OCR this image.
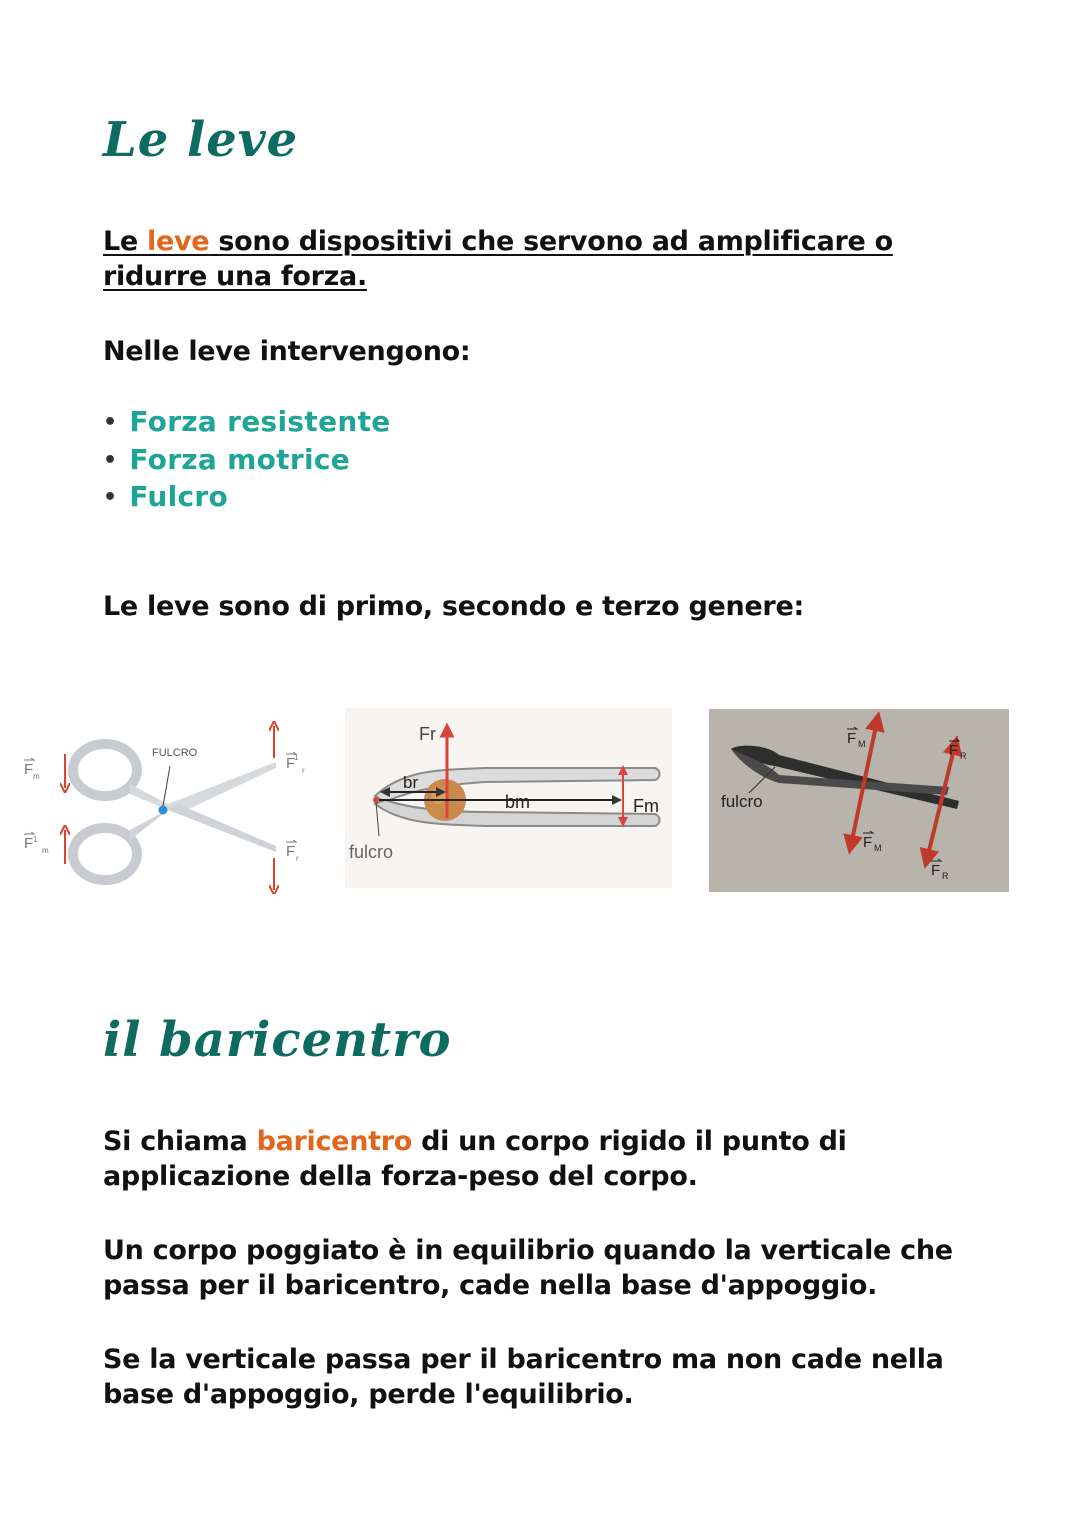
Le leve
Le leve sono dispositivi che servono ad amplificare o
ridurre una forza.

Nelle leve intervengono:

• Forza resistente
• Forza motrice
• Fulcro

Le leve sono di primo, secondo e terzo genere:

FULCRO
F m
F 1
m
F
1
r
F r
Fr
Fm
bm
br
fulcro
fulcro
F M	F R
F M
F R
il baricentro
Si chiama baricentro di un corpo rigido il punto di
applicazione della forza-peso del corpo.
Un corpo poggiato è in equilibrio quando la verticale che
passa per il baricentro, cade nella base d'appoggio.
Se la verticale passa per il baricentro ma non cade nella
base d'appoggio, perde l'equilibrio.
